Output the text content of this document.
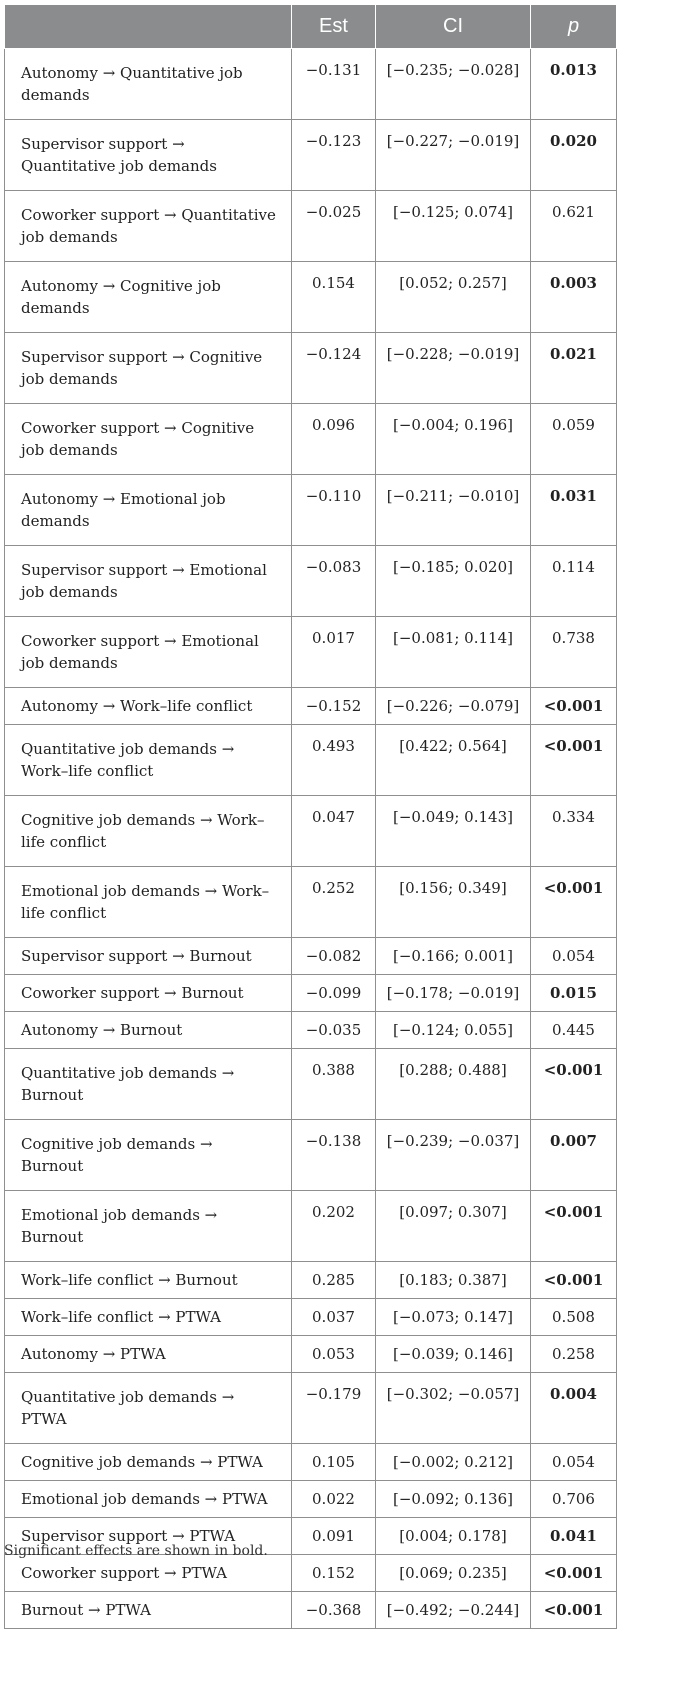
	Est	CI	p
Autonomy → Quantitative job demands	−0.131	[−0.235; −0.028]	0.013
Supervisor support → Quantitative job demands	−0.123	[−0.227; −0.019]	0.020
Coworker support → Quantitative job demands	−0.025	[−0.125; 0.074]	0.621
Autonomy → Cognitive job demands	0.154	[0.052; 0.257]	0.003
Supervisor support → Cognitive job demands	−0.124	[−0.228; −0.019]	0.021
Coworker support → Cognitive job demands	0.096	[−0.004; 0.196]	0.059
Autonomy → Emotional job demands	−0.110	[−0.211; −0.010]	0.031
Supervisor support → Emotional job demands	−0.083	[−0.185; 0.020]	0.114
Coworker support → Emotional job demands	0.017	[−0.081; 0.114]	0.738
Autonomy → Work–life conflict	−0.152	[−0.226; −0.079]	<0.001
Quantitative job demands → Work–life conflict	0.493	[0.422; 0.564]	<0.001
Cognitive job demands → Work–life conflict	0.047	[−0.049; 0.143]	0.334
Emotional job demands → Work–life conflict	0.252	[0.156; 0.349]	<0.001
Supervisor support → Burnout	−0.082	[−0.166; 0.001]	0.054
Coworker support → Burnout	−0.099	[−0.178; −0.019]	0.015
Autonomy → Burnout	−0.035	[−0.124; 0.055]	0.445
Quantitative job demands → Burnout	0.388	[0.288; 0.488]	<0.001
Cognitive job demands → Burnout	−0.138	[−0.239; −0.037]	0.007
Emotional job demands → Burnout	0.202	[0.097; 0.307]	<0.001
Work–life conflict → Burnout	0.285	[0.183; 0.387]	<0.001
Work–life conflict → PTWA	0.037	[−0.073; 0.147]	0.508
Autonomy → PTWA	0.053	[−0.039; 0.146]	0.258
Quantitative job demands → PTWA	−0.179	[−0.302; −0.057]	0.004
Cognitive job demands → PTWA	0.105	[−0.002; 0.212]	0.054
Emotional job demands → PTWA	0.022	[−0.092; 0.136]	0.706
Supervisor support → PTWA	0.091	[0.004; 0.178]	0.041
Coworker support → PTWA	0.152	[0.069; 0.235]	<0.001
Burnout → PTWA	−0.368	[−0.492; −0.244]	<0.001
Significant effects are shown in bold.
